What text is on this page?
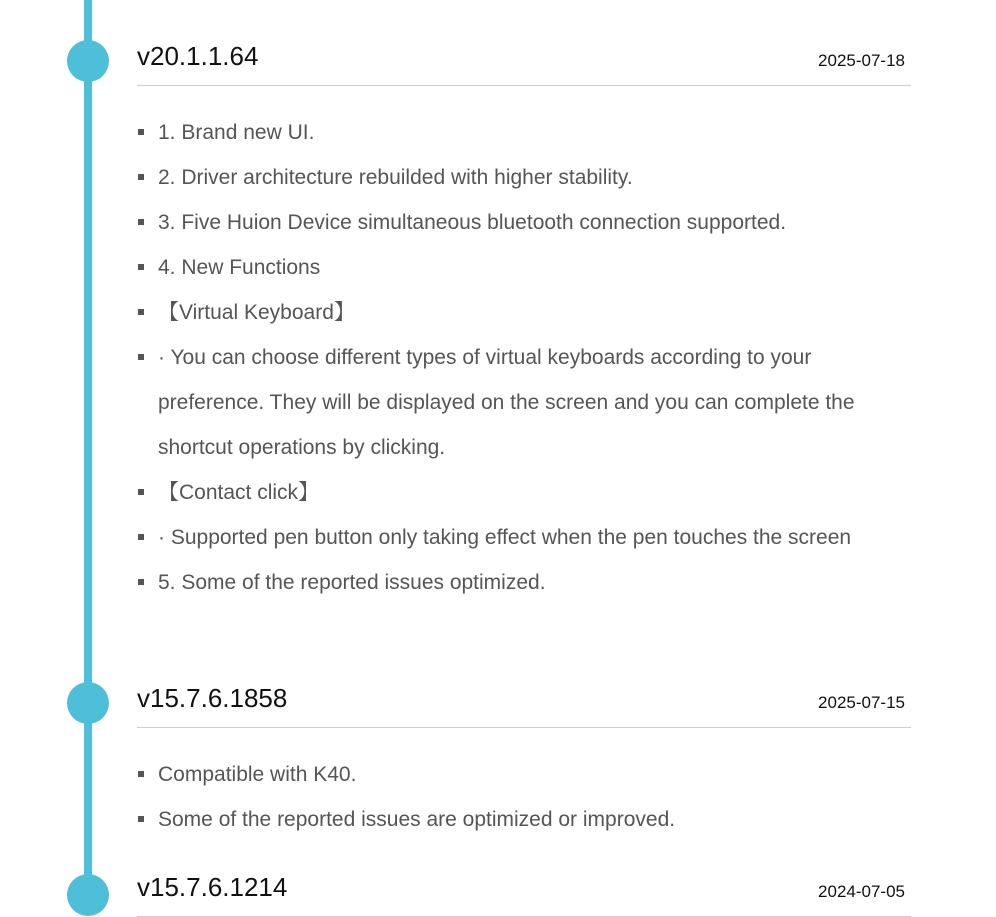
v20.1.1.64	2025-07-18
1. Brand new UI.
2. Driver architecture rebuilded with higher stability.
3. Five Huion Device simultaneous bluetooth connection supported.
4. New Functions
【Virtual Keyboard】
· You can choose different types of virtual keyboards according to your preference. They will be displayed on the screen and you can complete the shortcut operations by clicking.
【Contact click】
· Supported pen button only taking effect when the pen touches the screen
5. Some of the reported issues optimized.
v15.7.6.1858	2025-07-15
Compatible with K40.
Some of the reported issues are optimized or improved.
v15.7.6.1214	2024-07-05
